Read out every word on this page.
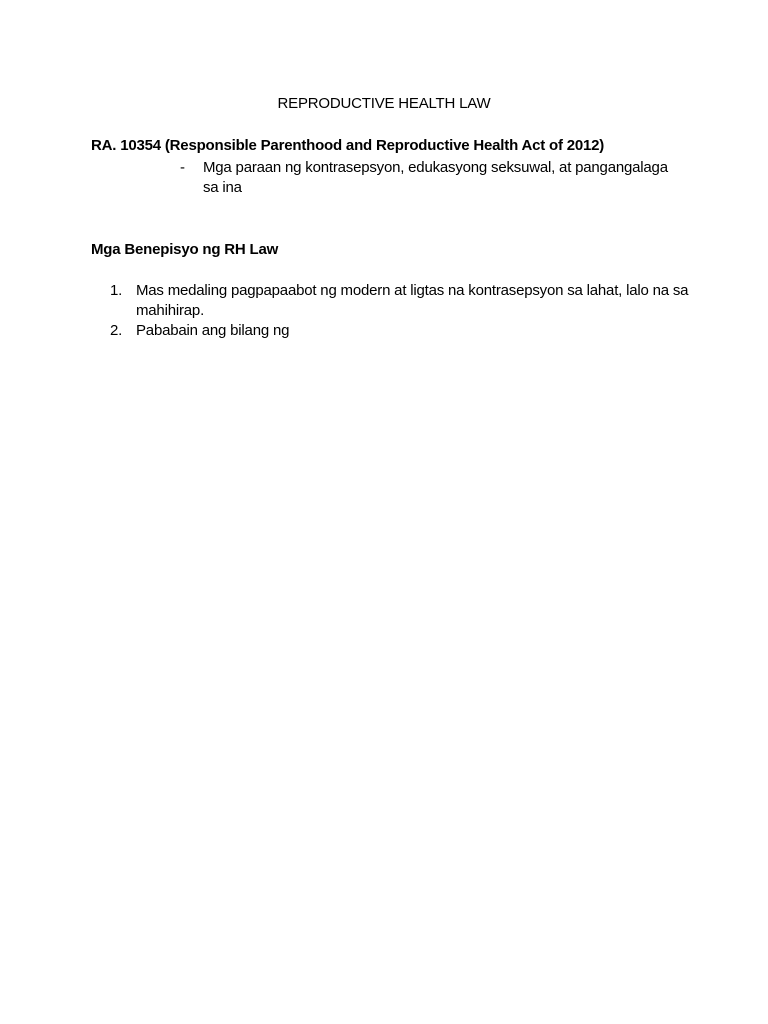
REPRODUCTIVE HEALTH LAW
RA. 10354 (Responsible Parenthood and Reproductive Health Act of 2012)
- Mga paraan ng kontrasepsyon, edukasyong seksuwal, at pangangalaga sa ina
Mga Benepisyo ng RH Law
1. Mas medaling pagpapaabot ng modern at ligtas na kontrasepsyon sa lahat, lalo na sa mahihirap.
2. Pababain ang bilang ng
